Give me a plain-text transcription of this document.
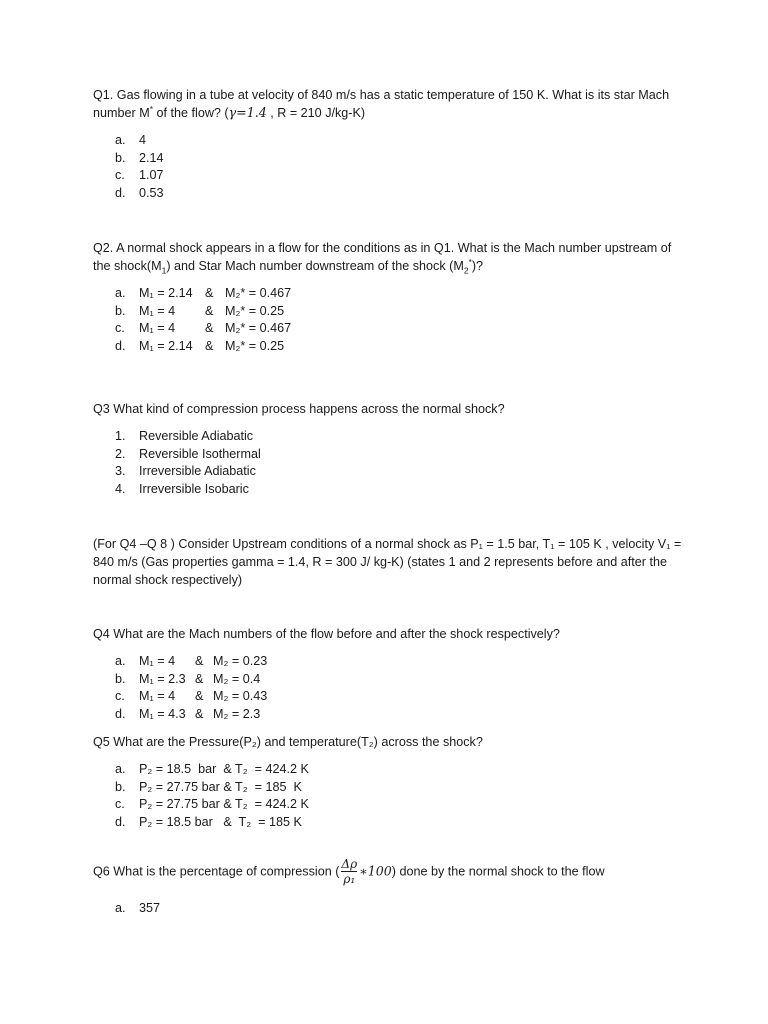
Q1. Gas flowing in a tube at velocity of 840 m/s has a static temperature of 150 K. What is its star Mach number M* of the flow? (γ=1.4 , R = 210 J/kg-K)

a.	4
b.	2.14
c.	1.07
d.	0.53

Q2. A normal shock appears in a flow for the conditions as in Q1. What is the Mach number upstream of the $shock(M_1)$ and Star Mach number downstream of the shock $(M_2^*)$?

a.	M₁ = 2.14 & M₂* = 0.467
b.	M₁ = 4	& M₂* = 0.25
c.	M₁ = 4	& M₂* = 0.467
d.	M₁ = 2.14 & M₂* = 0.25

Q3 What kind of compression process happens across the normal shock?

1.	Reversible Adiabatic
2.	Reversible Isothermal
3.	Irreversible Adiabatic
4.	Irreversible Isobaric

(For Q4 –Q 8 ) Consider Upstream conditions of a normal shock as P₁ = 1.5 bar, T₁ = 105 K , velocity V₁ = 840 m/s (Gas properties gamma = 1.4, R = 300 J/ kg-K) (states 1 and 2 represents before and after the normal shock respectively)

Q4 What are the Mach numbers of the flow before and after the shock respectively?

a.	M₁ = 4	& M₂ = 0.23
b.	M₁ = 2.3 & M₂ = 0.4
c.	M₁ = 4	& M₂ = 0.43
d.	M₁ = 4.3 & M₂ = 2.3

Q5 What are the Pressure(P₂) and temperature(T₂) across the shock?

a.	P₂ = 18.5  bar  & T₂  = 424.2 K
b.	P₂ = 27.75 bar & T₂  = 185  K
c.	P₂ = 27.75 bar & T₂  = 424.2 K
d.	P₂ = 18.5 bar   &  T₂  = 185 K

Q6 What is the percentage of compression ( $\frac{\Delta\rho}{\text{ρ₁}}$ ∗100) done by the normal shock to the flow

a.	357
